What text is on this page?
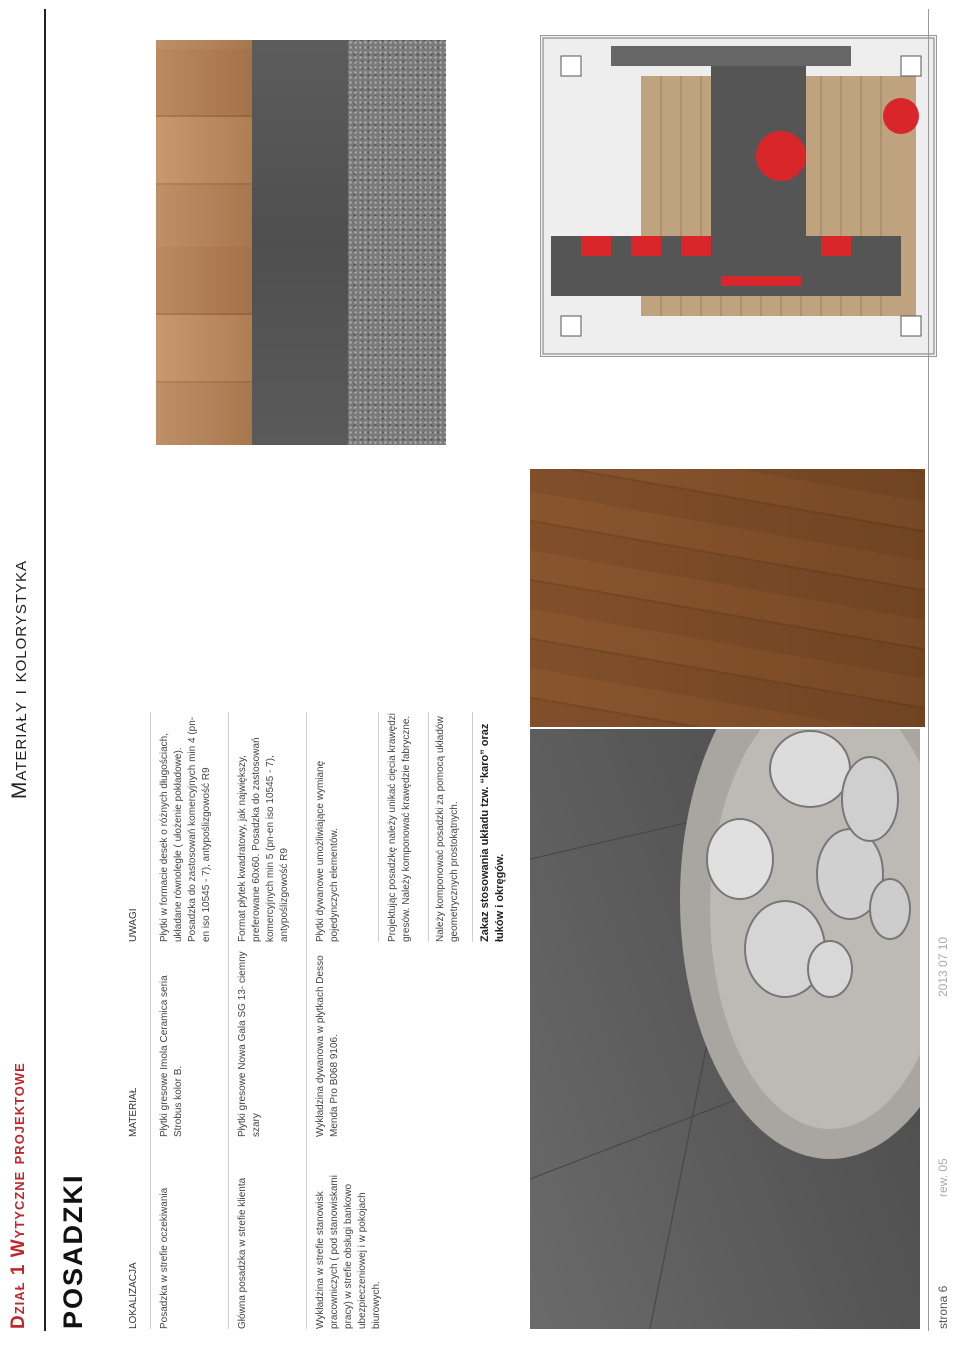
Dział 1 Wytyczne projektowe
Materiały i kolorystyka
POSADZKI	LOKALIZACJA
MATERIAŁ
UWAGI
Posadzka w strefie oczekiwania
Płytki gresowe Imola Ceramica seria Strobus kolor B.
Płytki w formacie desek o różnych długościach, układane równolegle ( ułożenie pokładowe). Posadzka do zastosowań komercyjnych min 4 (pn-en iso 10545 - 7), antypoślizgowość R9
Główna posadzka w strefie klienta
Płytki gresowe Nowa Gala SG 13- ciemny szary
Format płytek kwadratowy, jak największy, preferowane 60x60. Posadzka do zastosowań komercyjnych min 5 (pn-en iso 10545 - 7), antypoślizgowość R9
Wykładzina w strefie stanowisk pracowniczych ( pod stanowiskami pracy) w strefie obsługi bankowo ubezpieczeniowej i w pokojach biurowych.
Wykładzina dywanowa w płytkach Desso Menda Pro B068 9106.
Płytki dywanowe umożliwiające wymianę pojedynczych elementów.	Projektując posadzkę należy unikać cięcia krawędzi gresów. Należy komponować krawędzie fabryczne. Należy komponować posadzki za pomocą układów geometrycznych prostokątnych. Zakaz stosowania układu tzw. “karo” oraz łuków i okręgów.
strona 6
rew. 05
2013 07 10
